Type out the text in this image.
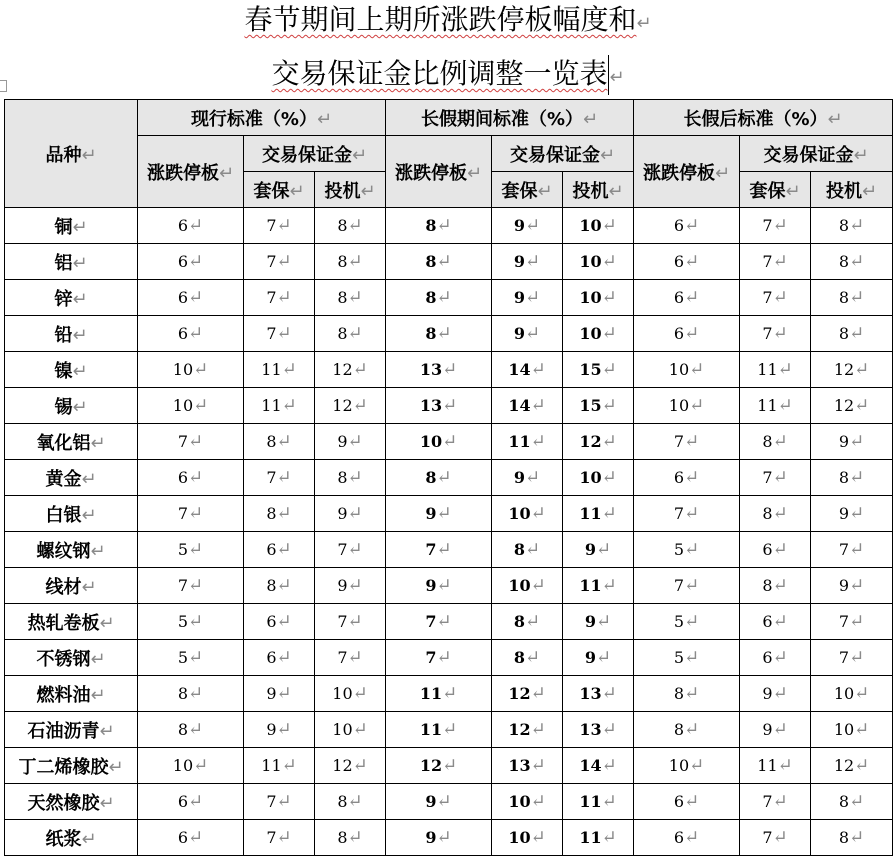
春节期间上期所涨跌停板幅度和↵
交易保证金比例调整一览表 ↵
品种↵	现行标准（%）↵			长假期间标准（%）↵			长假后标准（%）↵		
	涨跌停板↵	交易保证金↵		涨跌停板↵	交易保证金↵		涨跌停板↵	交易保证金↵	
		套保↵	投机↵		套保↵	投机↵		套保↵	投机↵
铜↵	6↵	7↵	8↵	8↵	9↵	10↵	6↵	7↵	8↵
铝↵	6↵	7↵	8↵	8↵	9↵	10↵	6↵	7↵	8↵
锌↵	6↵	7↵	8↵	8↵	9↵	10↵	6↵	7↵	8↵
铅↵	6↵	7↵	8↵	8↵	9↵	10↵	6↵	7↵	8↵
镍↵	10↵	11↵	12↵	13↵	14↵	15↵	10↵	11↵	12↵
锡↵	10↵	11↵	12↵	13↵	14↵	15↵	10↵	11↵	12↵
氧化铝↵	7↵	8↵	9↵	10↵	11↵	12↵	7↵	8↵	9↵
黄金↵	6↵	7↵	8↵	8↵	9↵	10↵	6↵	7↵	8↵
白银↵	7↵	8↵	9↵	9↵	10↵	11↵	7↵	8↵	9↵
螺纹钢↵	5↵	6↵	7↵	7↵	8↵	9↵	5↵	6↵	7↵
线材↵	7↵	8↵	9↵	9↵	10↵	11↵	7↵	8↵	9↵
热轧卷板↵	5↵	6↵	7↵	7↵	8↵	9↵	5↵	6↵	7↵
不锈钢↵	5↵	6↵	7↵	7↵	8↵	9↵	5↵	6↵	7↵
燃料油↵	8↵	9↵	10↵	11↵	12↵	13↵	8↵	9↵	10↵
石油沥青↵	8↵	9↵	10↵	11↵	12↵	13↵	8↵	9↵	10↵
丁二烯橡胶↵	10↵	11↵	12↵	12↵	13↵	14↵	10↵	11↵	12↵
天然橡胶↵	6↵	7↵	8↵	9↵	10↵	11↵	6↵	7↵	8↵
纸浆↵	6↵	7↵	8↵	9↵	10↵	11↵	6↵	7↵	8↵
